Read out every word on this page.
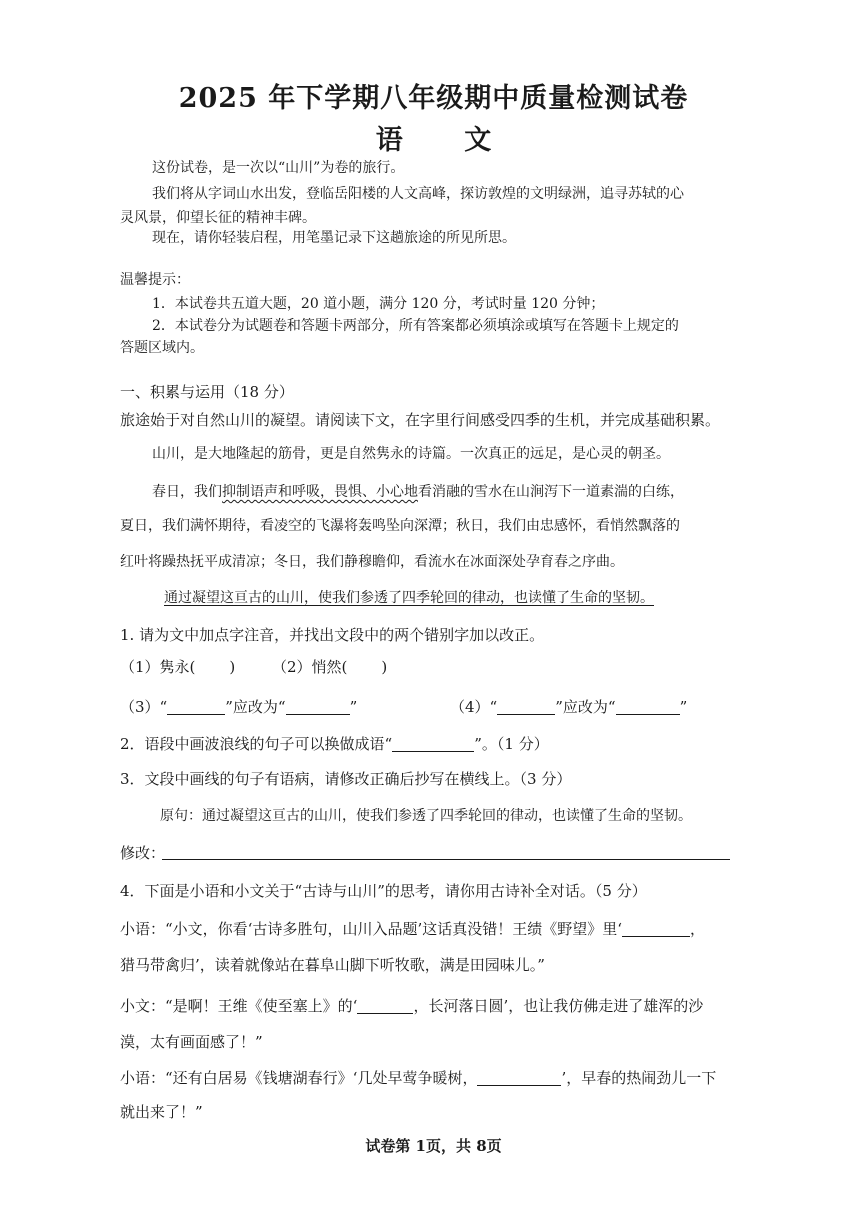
2025 年下学期八年级期中质量检测试卷
语 文
这份试卷，是一次以“山川”为卷的旅行。
我们将从字词山水出发，登临岳阳楼的人文高峰，探访敦煌的文明绿洲，追寻苏轼的心
灵风景，仰望长征的精神丰碑。
现在，请你轻装启程，用笔墨记录下这趟旅途的所见所思。
温馨提示：
1．本试卷共五道大题，20 道小题，满分 120 分，考试时量 120 分钟；
2．本试卷分为试题卷和答题卡两部分，所有答案都必须填涂或填写在答题卡上规定的
答题区域内。
一、积累与运用（18 分）
旅途始于对自然山川的凝望。请阅读下文，在字里行间感受四季的生机，并完成基础积累。
山川，是大地隆起的筋骨，更是自然隽永的诗篇。一次真正的远足，是心灵的朝圣。
春日，我们抑制语声和呼吸，畏惧、小心地看消融的雪水在山涧泻下一道素湍的白练，
夏日，我们满怀期待，看凌空的飞瀑将轰鸣坠向深潭；秋日，我们由忠感怀，看悄然飘落的
红叶将躁热抚平成清凉；冬日，我们静穆瞻仰，看流水在冰面深处孕育春之序曲。
通过凝望这亘古的山川，使我们参透了四季轮回的律动，也读懂了生命的坚韧。
1. 请为文中加点字注音，并找出文段中的两个错别字加以改正。
（1）隽永( ) （2）悄然( )
（3）“	”应改为“	”	（4）“	”应改为“	”
2．语段中画波浪线的句子可以换做成语“	”。（1 分）
3．文段中画线的句子有语病，请修改正确后抄写在横线上。（3 分）
原句：通过凝望这亘古的山川，使我们参透了四季轮回的律动，也读懂了生命的坚韧。
修改：
4．下面是小语和小文关于“古诗与山川”的思考，请你用古诗补全对话。（5 分）
小语：“小文，你看‘古诗多胜句，山川入品题’这话真没错！王绩《野望》里‘	，
猎马带禽归’，读着就像站在暮阜山脚下听牧歌，满是田园味儿。”
小文：“是啊！王维《使至塞上》的‘	，长河落日圆’，也让我仿佛走进了雄浑的沙
漠，太有画面感了！”
小语：“还有白居易《钱塘湖春行》‘几处早莺争暖树，	’，早春的热闹劲儿一下
就出来了！”
试卷第 1页，共 8页
